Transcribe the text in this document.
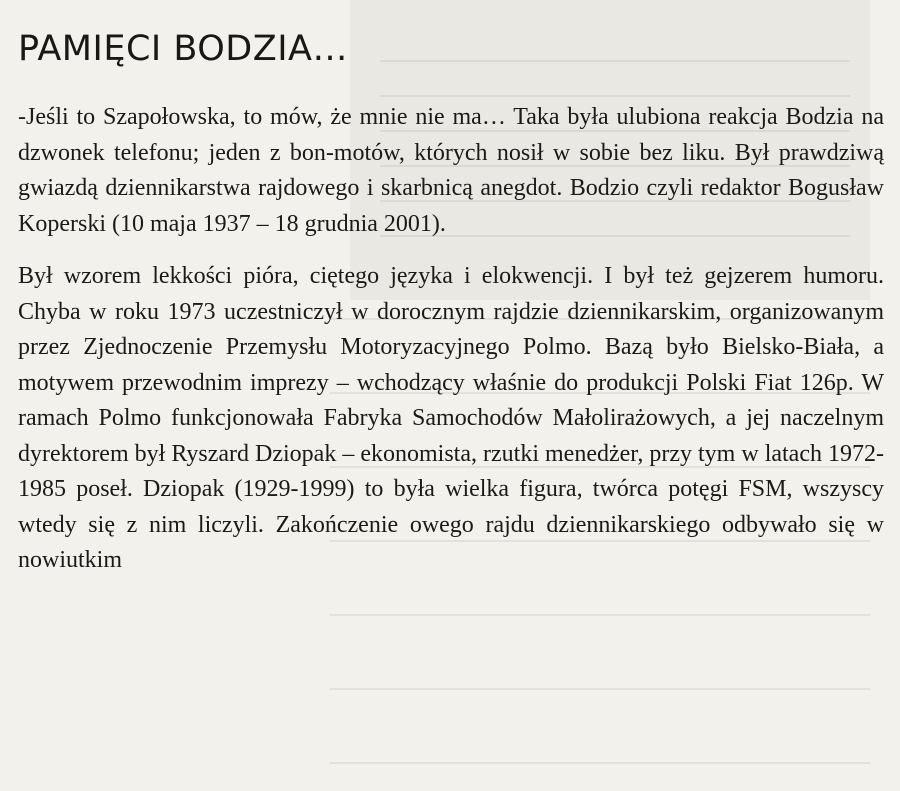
PAMIĘCI BODZIA…

-Jeśli to Szapołowska, to mów, że mnie nie ma… Taka była ulubiona reakcja Bodzia na dzwonek telefonu; jeden z bon-motów, których nosił w sobie bez liku. Był prawdziwą gwiazdą dziennikarstwa rajdowego i skarbnicą anegdot. Bodzio czyli redaktor Bogusław Koperski (10 maja 1937 – 18 grudnia 2001).

Był wzorem lekkości pióra, ciętego języka i elokwencji. I był też gejzerem humoru. Chyba w roku 1973 uczestniczył w dorocznym rajdzie dziennikarskim, organizowanym przez Zjednoczenie Przemysłu Motoryzacyjnego Polmo. Bazą było Bielsko-Biała, a motywem przewodnim imprezy – wchodzący właśnie do produkcji Polski Fiat 126p. W ramach Polmo funkcjonowała Fabryka Samochodów Małolirażowych, a jej naczelnym dyrektorem był Ryszard Dziopak – ekonomista, rzutki menedżer, przy tym w latach 1972-1985 poseł. Dziopak (1929-1999) to była wielka figura, twórca potęgi FSM, wszyscy wtedy się z nim liczyli. Zakończenie owego rajdu dziennikarskiego odbywało się w nowiutkim
